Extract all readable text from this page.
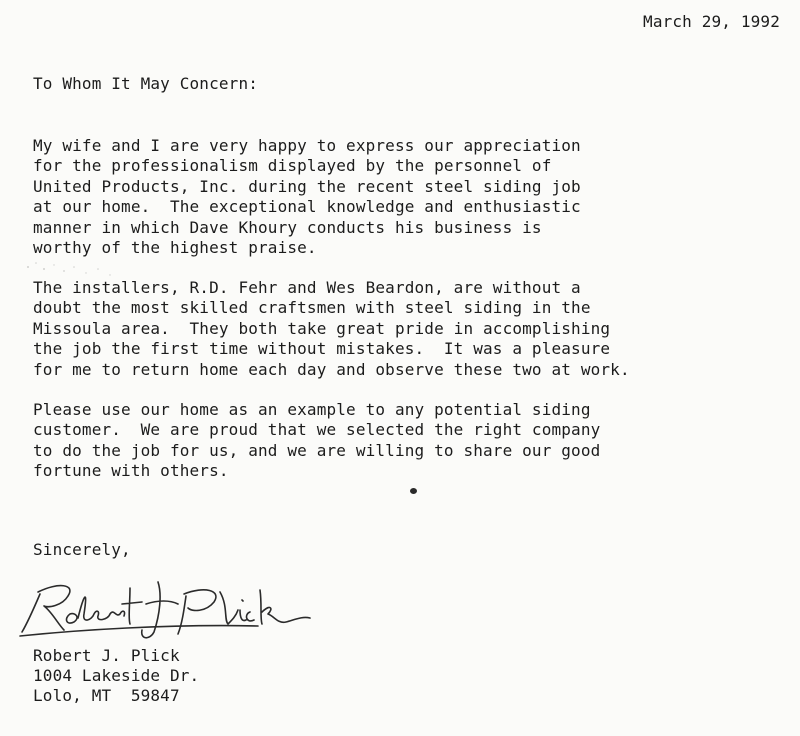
March 29, 1992
To Whom It May Concern:
My wife and I are very happy to express our appreciation
for the professionalism displayed by the personnel of
United Products, Inc. during the recent steel siding job
at our home.  The exceptional knowledge and enthusiastic
manner in which Dave Khoury conducts his business is
worthy of the highest praise.
The installers, R.D. Fehr and Wes Beardon, are without a
doubt the most skilled craftsmen with steel siding in the
Missoula area.  They both take great pride in accomplishing
the job the first time without mistakes.  It was a pleasure
for me to return home each day and observe these two at work.
Please use our home as an example to any potential siding
customer.  We are proud that we selected the right company
to do the job for us, and we are willing to share our good
fortune with others.
Sincerely,
Robert J. Plick
1004 Lakeside Dr.
Lolo, MT  59847
